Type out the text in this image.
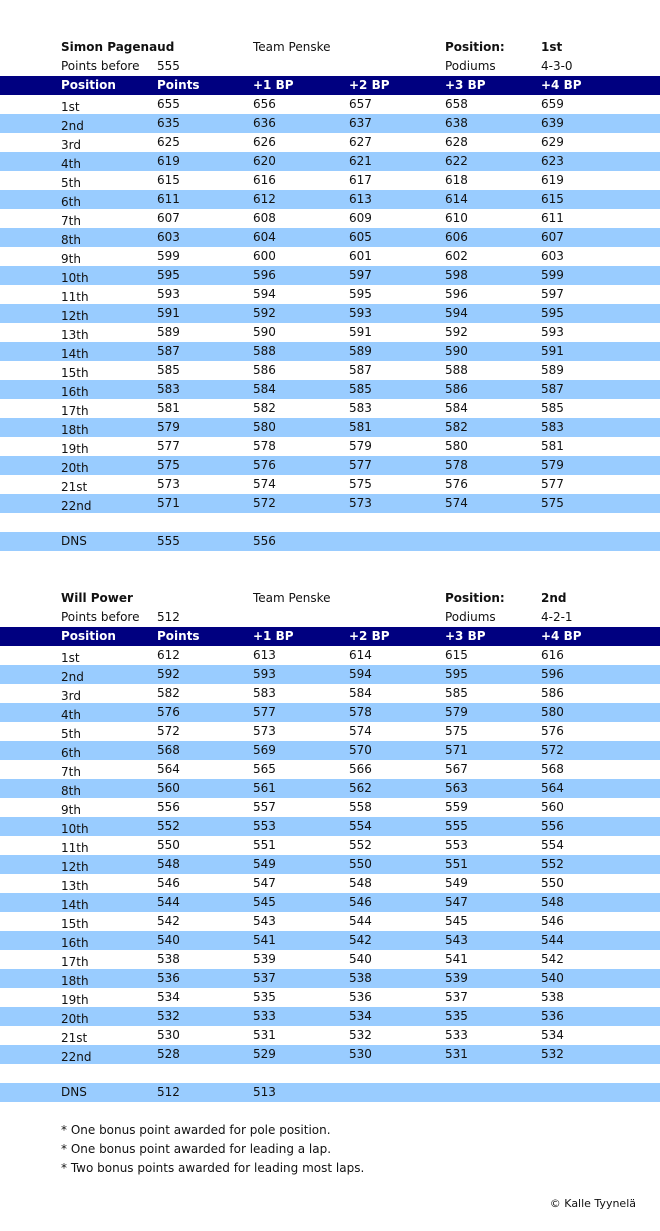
Simon Pagenaud	Team Penske	Position:	1st
Points before 555	Podiums	4-3-0
Position	Points	+1 BP	+2 BP	+3 BP	+4 BP
1st	655	656	657	658	659
2nd	635	636	637	638	639
3rd	625	626	627	628	629
4th	619	620	621	622	623
5th	615	616	617	618	619
6th	611	612	613	614	615
7th	607	608	609	610	611
8th	603	604	605	606	607
9th	599	600	601	602	603
10th	595	596	597	598	599
11th	593	594	595	596	597
12th	591	592	593	594	595
13th	589	590	591	592	593
14th	587	588	589	590	591
15th	585	586	587	588	589
16th	583	584	585	586	587
17th	581	582	583	584	585
18th	579	580	581	582	583
19th	577	578	579	580	581
20th	575	576	577	578	579
21st	573	574	575	576	577
22nd	571	572	573	574	575
DNS	555	556
Will Power	Team Penske	Position:	2nd
Points before 512	Podiums	4-2-1
Position	Points	+1 BP	+2 BP	+3 BP	+4 BP
1st	612	613	614	615	616
2nd	592	593	594	595	596
3rd	582	583	584	585	586
4th	576	577	578	579	580
5th	572	573	574	575	576
6th	568	569	570	571	572
7th	564	565	566	567	568
8th	560	561	562	563	564
9th	556	557	558	559	560
10th	552	553	554	555	556
11th	550	551	552	553	554
12th	548	549	550	551	552
13th	546	547	548	549	550
14th	544	545	546	547	548
15th	542	543	544	545	546
16th	540	541	542	543	544
17th	538	539	540	541	542
18th	536	537	538	539	540
19th	534	535	536	537	538
20th	532	533	534	535	536
21st	530	531	532	533	534
22nd	528	529	530	531	532
DNS	512	513
* One bonus point awarded for pole position.
* One bonus point awarded for leading a lap.
* Two bonus points awarded for leading most laps.
© Kalle Tyynelä
